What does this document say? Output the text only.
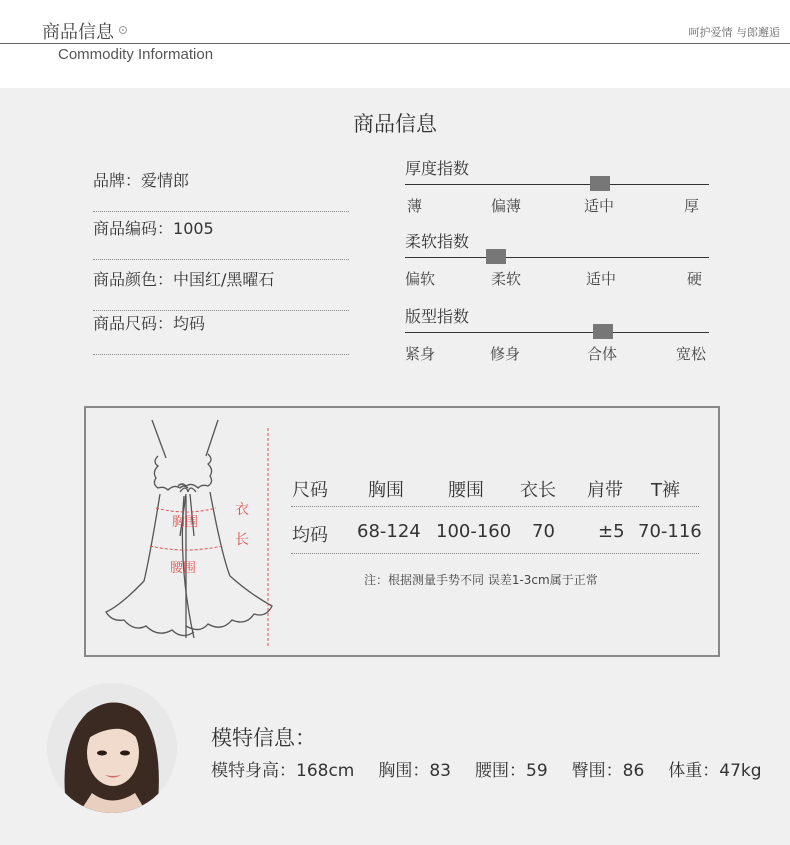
商品信息	呵护爱情 与郎邂逅
Commodity Information
商品信息
品牌：爱情郎
商品编码：1005
商品颜色：中国红/黑曜石
商品尺码：均码
厚度指数
薄	偏薄	适中	厚
柔软指数
偏软	柔软	适中	硬
版型指数
紧身	修身	合体	宽松
胸围
腰围
衣
长
尺码 胸围 腰围 衣长 肩带 T裤
均码 68-124 100-160 70 ±5 70-116
注：根据测量手势不同 误差1-3cm属于正常
模特信息：
模特身高：168cm 胸围：83 腰围：59 臀围：86 体重：47kg
